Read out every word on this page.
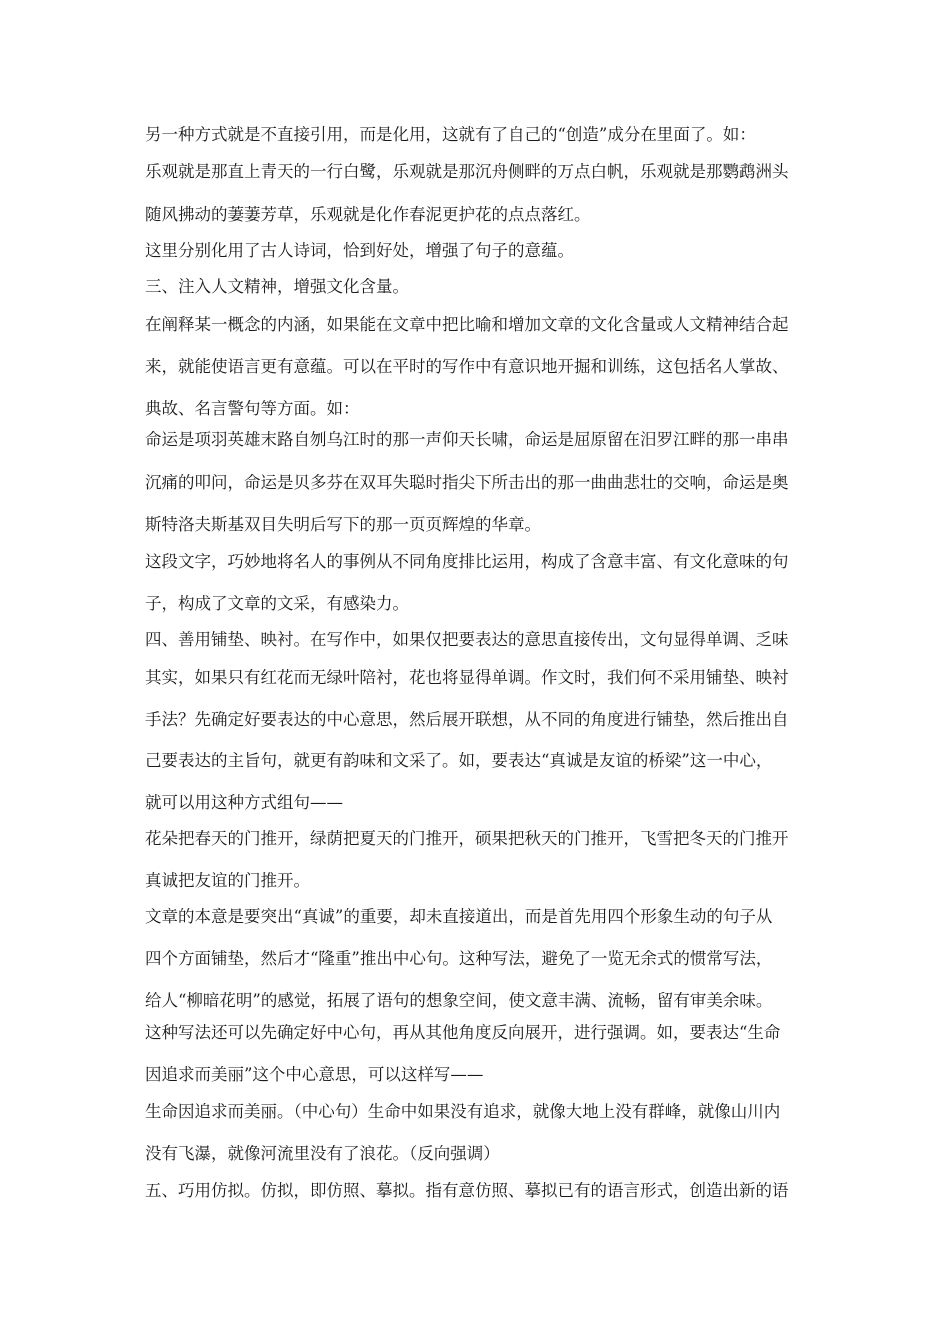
另一种方式就是不直接引用，而是化用，这就有了自己的“创造”成分在里面了。如：
乐观就是那直上青天的一行白鹭，乐观就是那沉舟侧畔的万点白帆，乐观就是那鹦鹉洲头
随风拂动的萋萋芳草，乐观就是化作春泥更护花的点点落红。
这里分别化用了古人诗词，恰到好处，增强了句子的意蕴。
三、注入人文精神，增强文化含量。
在阐释某一概念的内涵，如果能在文章中把比喻和增加文章的文化含量或人文精神结合起
来，就能使语言更有意蕴。可以在平时的写作中有意识地开掘和训练，这包括名人掌故、
典故、名言警句等方面。如：
命运是项羽英雄末路自刎乌江时的那一声仰天长啸，命运是屈原留在汨罗江畔的那一串串
沉痛的叩问，命运是贝多芬在双耳失聪时指尖下所击出的那一曲曲悲壮的交响，命运是奥
斯特洛夫斯基双目失明后写下的那一页页辉煌的华章。
这段文字，巧妙地将名人的事例从不同角度排比运用，构成了含意丰富、有文化意味的句
子，构成了文章的文采，有感染力。
四、善用铺垫、映衬。在写作中，如果仅把要表达的意思直接传出，文句显得单调、乏味
其实，如果只有红花而无绿叶陪衬，花也将显得单调。作文时，我们何不采用铺垫、映衬
手法？先确定好要表达的中心意思，然后展开联想，从不同的角度进行铺垫，然后推出自
己要表达的主旨句，就更有韵味和文采了。如，要表达“真诚是友谊的桥梁”这一中心，
就可以用这种方式组句——
花朵把春天的门推开，绿荫把夏天的门推开，硕果把秋天的门推开，飞雪把冬天的门推开
真诚把友谊的门推开。
文章的本意是要突出“真诚”的重要，却未直接道出，而是首先用四个形象生动的句子从
四个方面铺垫，然后才“隆重”推出中心句。这种写法，避免了一览无余式的惯常写法，
给人“柳暗花明”的感觉，拓展了语句的想象空间，使文意丰满、流畅，留有审美余味。
这种写法还可以先确定好中心句，再从其他角度反向展开，进行强调。如，要表达“生命
因追求而美丽”这个中心意思，可以这样写——
生命因追求而美丽。（中心句）生命中如果没有追求，就像大地上没有群峰，就像山川内
没有飞瀑，就像河流里没有了浪花。（反向强调）
五、巧用仿拟。仿拟，即仿照、摹拟。指有意仿照、摹拟已有的语言形式，创造出新的语
